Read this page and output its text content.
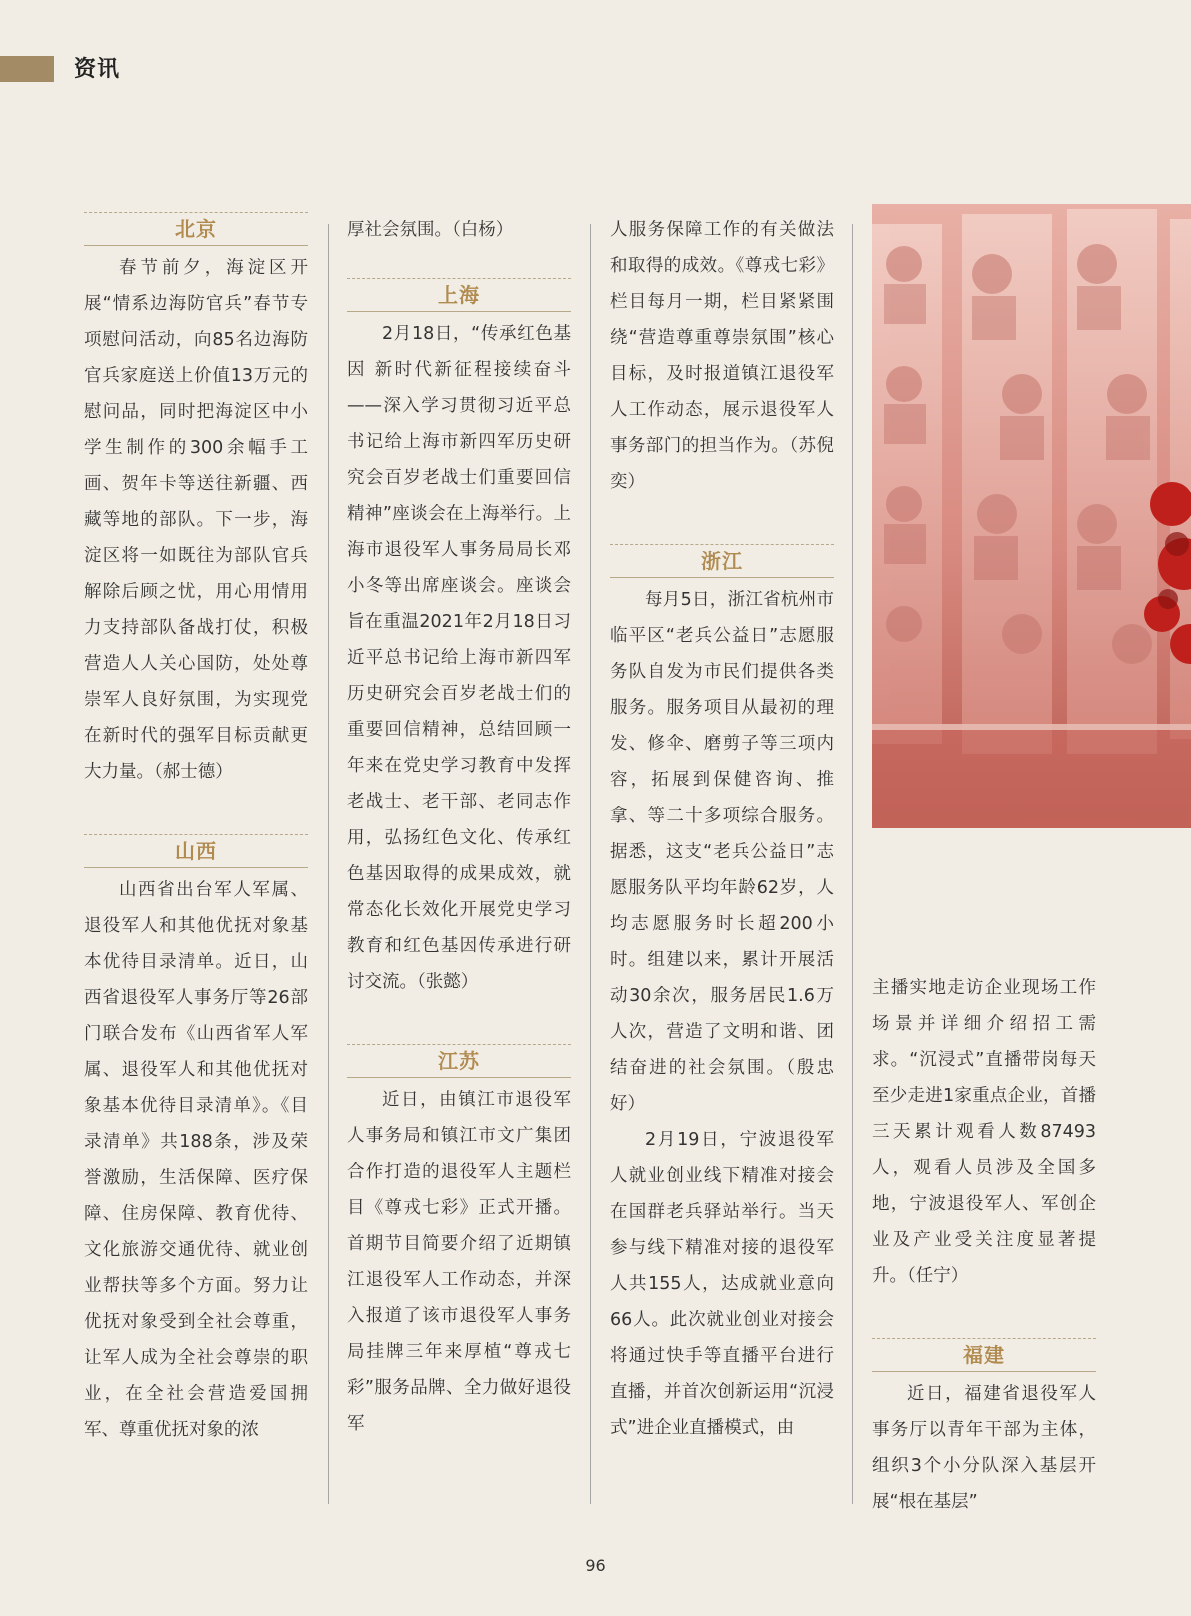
资讯
北京

春节前夕，海淀区开展“情系边海防官兵”春节专项慰问活动，向85名边海防官兵家庭送上价值13万元的慰问品，同时把海淀区中小学生制作的300余幅手工画、贺年卡等送往新疆、西藏等地的部队。下一步，海淀区将一如既往为部队官兵解除后顾之忧，用心用情用力支持部队备战打仗，积极营造人人关心国防，处处尊崇军人良好氛围，为实现党在新时代的强军目标贡献更大力量。（郝士德）

山西

山西省出台军人军属、退役军人和其他优抚对象基本优待目录清单。近日，山西省退役军人事务厅等26部门联合发布《山西省军人军属、退役军人和其他优抚对象基本优待目录清单》。《目录清单》共188条，涉及荣誉激励，生活保障、医疗保障、住房保障、教育优待、文化旅游交通优待、就业创业帮扶等多个方面。努力让优抚对象受到全社会尊重，让军人成为全社会尊崇的职业，在全社会营造爱国拥军、尊重优抚对象的浓

厚社会氛围。（白杨）

上海

2月18日，“传承红色基因 新时代新征程接续奋斗——深入学习贯彻习近平总书记给上海市新四军历史研究会百岁老战士们重要回信精神”座谈会在上海举行。上海市退役军人事务局局长邓小冬等出席座谈会。座谈会旨在重温2021年2月18日习近平总书记给上海市新四军历史研究会百岁老战士们的重要回信精神，总结回顾一年来在党史学习教育中发挥老战士、老干部、老同志作用，弘扬红色文化、传承红色基因取得的成果成效，就常态化长效化开展党史学习教育和红色基因传承进行研讨交流。（张懿）

江苏

近日，由镇江市退役军人事务局和镇江市文广集团合作打造的退役军人主题栏目《尊戎七彩》正式开播。首期节目简要介绍了近期镇江退役军人工作动态，并深入报道了该市退役军人事务局挂牌三年来厚植“尊戎七彩”服务品牌、全力做好退役军

人服务保障工作的有关做法和取得的成效。《尊戎七彩》栏目每月一期，栏目紧紧围绕“营造尊重尊崇氛围”核心目标，及时报道镇江退役军人工作动态，展示退役军人事务部门的担当作为。（苏倪奕）

浙江

每月5日，浙江省杭州市临平区“老兵公益日”志愿服务队自发为市民们提供各类服务。服务项目从最初的理发、修伞、磨剪子等三项内容，拓展到保健咨询、推拿、等二十多项综合服务。据悉，这支“老兵公益日”志愿服务队平均年龄62岁，人均志愿服务时长超200小时。组建以来，累计开展活动30余次，服务居民1.6万人次，营造了文明和谐、团结奋进的社会氛围。（殷忠好）

2月19日，宁波退役军人就业创业线下精准对接会在国群老兵驿站举行。当天参与线下精准对接的退役军人共155人，达成就业意向66人。此次就业创业对接会将通过快手等直播平台进行直播，并首次创新运用“沉浸式”进企业直播模式，由

主播实地走访企业现场工作场景并详细介绍招工需求。“沉浸式”直播带岗每天至少走进1家重点企业，首播三天累计观看人数87493人，观看人员涉及全国多地，宁波退役军人、军创企业及产业受关注度显著提升。（任宁）

福建

近日，福建省退役军人事务厅以青年干部为主体，组织3个小分队深入基层开展“根在基层”

96
